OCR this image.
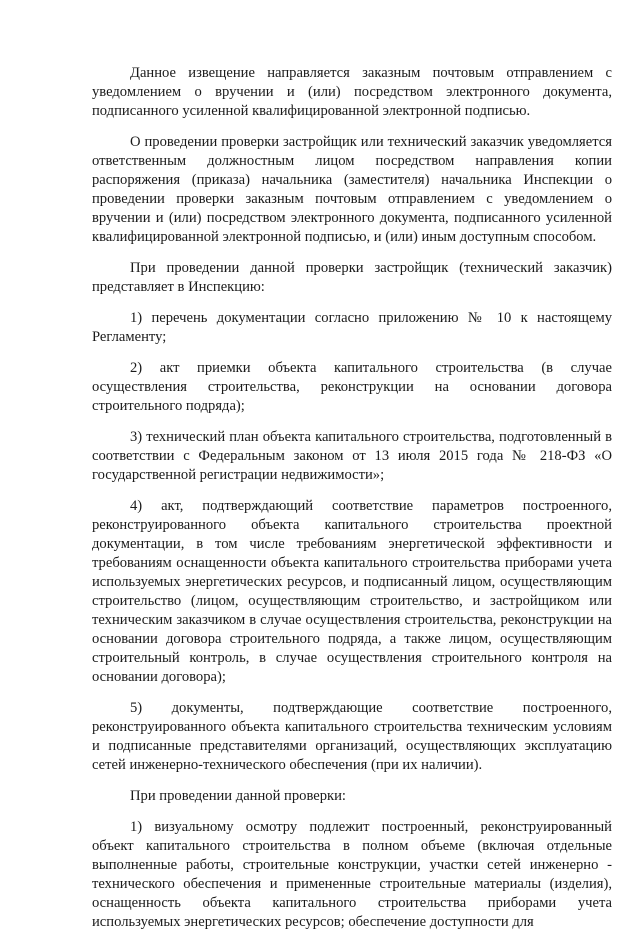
Данное извещение направляется заказным почтовым отправлением с уведомлением о вручении и (или) посредством электронного документа, подписанного усиленной квалифицированной электронной подписью.

О проведении проверки застройщик или технический заказчик уведомляется ответственным должностным лицом посредством направления копии распоряжения (приказа) начальника (заместителя) начальника Инспекции о проведении проверки заказным почтовым отправлением с уведомлением о вручении и (или) посредством электронного документа, подписанного усиленной квалифицированной электронной подписью, и (или) иным доступным способом.

При проведении данной проверки застройщик (технический заказчик) представляет в Инспекцию:

1) перечень документации согласно приложению № 10 к настоящему Регламенту;

2) акт приемки объекта капитального строительства (в случае осуществления строительства, реконструкции на основании договора строительного подряда);

3) технический план объекта капитального строительства, подготовленный в соответствии с Федеральным законом от 13 июля 2015 года № 218-ФЗ «О государственной регистрации недвижимости»;

4) акт, подтверждающий соответствие параметров построенного, реконструированного объекта капитального строительства проектной документации, в том числе требованиям энергетической эффективности и требованиям оснащенности объекта капитального строительства приборами учета используемых энергетических ресурсов, и подписанный лицом, осуществляющим строительство (лицом, осуществляющим строительство, и застройщиком или техническим заказчиком в случае осуществления строительства, реконструкции на основании договора строительного подряда, а также лицом, осуществляющим строительный контроль, в случае осуществления строительного контроля на основании договора);

5) документы, подтверждающие соответствие построенного, реконструированного объекта капитального строительства техническим условиям и подписанные представителями организаций, осуществляющих эксплуатацию сетей инженерно-технического обеспечения (при их наличии).

При проведении данной проверки:

1) визуальному осмотру подлежит построенный, реконструированный объект капитального строительства в полном объеме (включая отдельные выполненные работы, строительные конструкции, участки сетей инженерно - технического обеспечения и примененные строительные материалы (изделия), оснащенность объекта капитального строительства приборами учета используемых энергетических ресурсов; обеспечение доступности для
